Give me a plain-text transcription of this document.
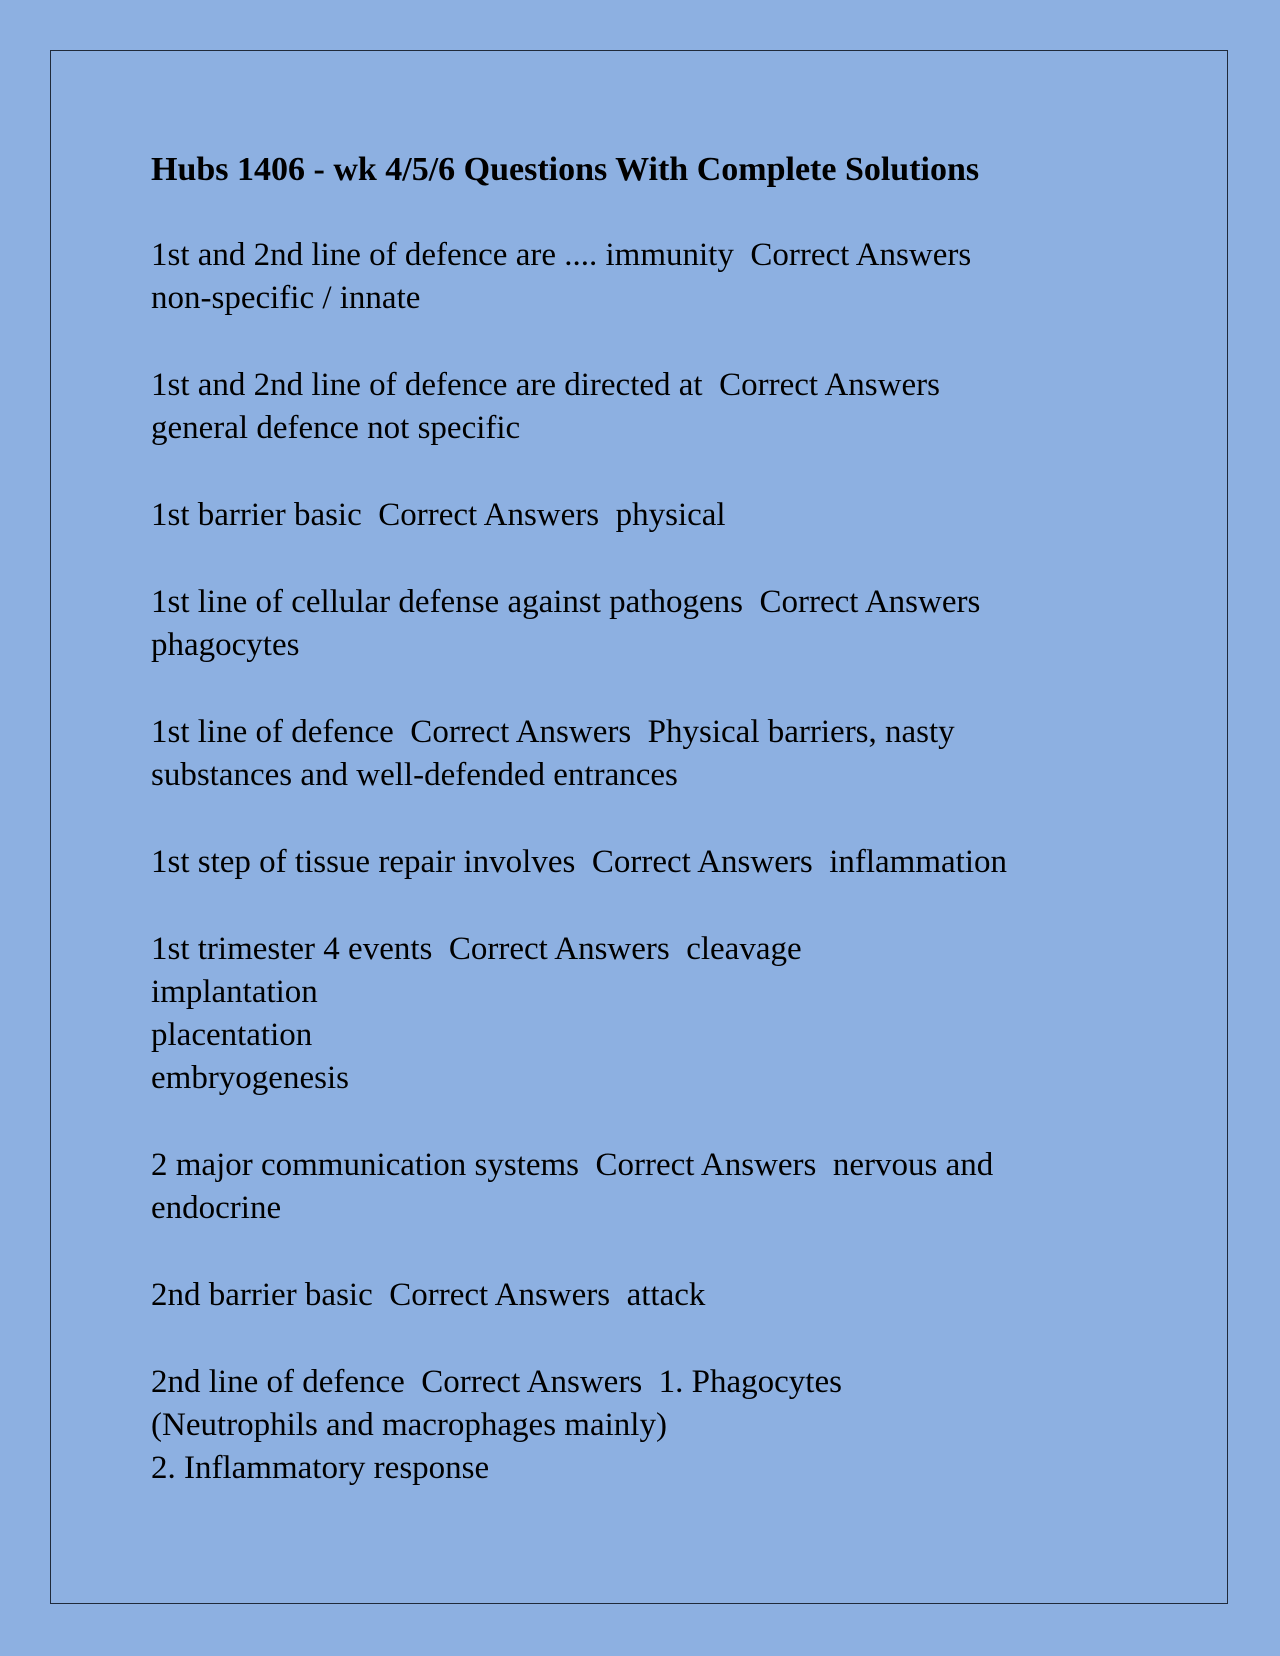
Hubs 1406 - wk 4/5/6 Questions With Complete Solutions
1st and 2nd line of defence are .... immunity  Correct Answers
non-specific / innate
1st and 2nd line of defence are directed at  Correct Answers
general defence not specific
1st barrier basic  Correct Answers  physical
1st line of cellular defense against pathogens  Correct Answers
phagocytes
1st line of defence  Correct Answers  Physical barriers, nasty
substances and well-defended entrances
1st step of tissue repair involves  Correct Answers  inflammation
1st trimester 4 events  Correct Answers  cleavage
implantation
placentation
embryogenesis
2 major communication systems  Correct Answers  nervous and
endocrine
2nd barrier basic  Correct Answers  attack
2nd line of defence  Correct Answers  1. Phagocytes
(Neutrophils and macrophages mainly)
2. Inflammatory response
